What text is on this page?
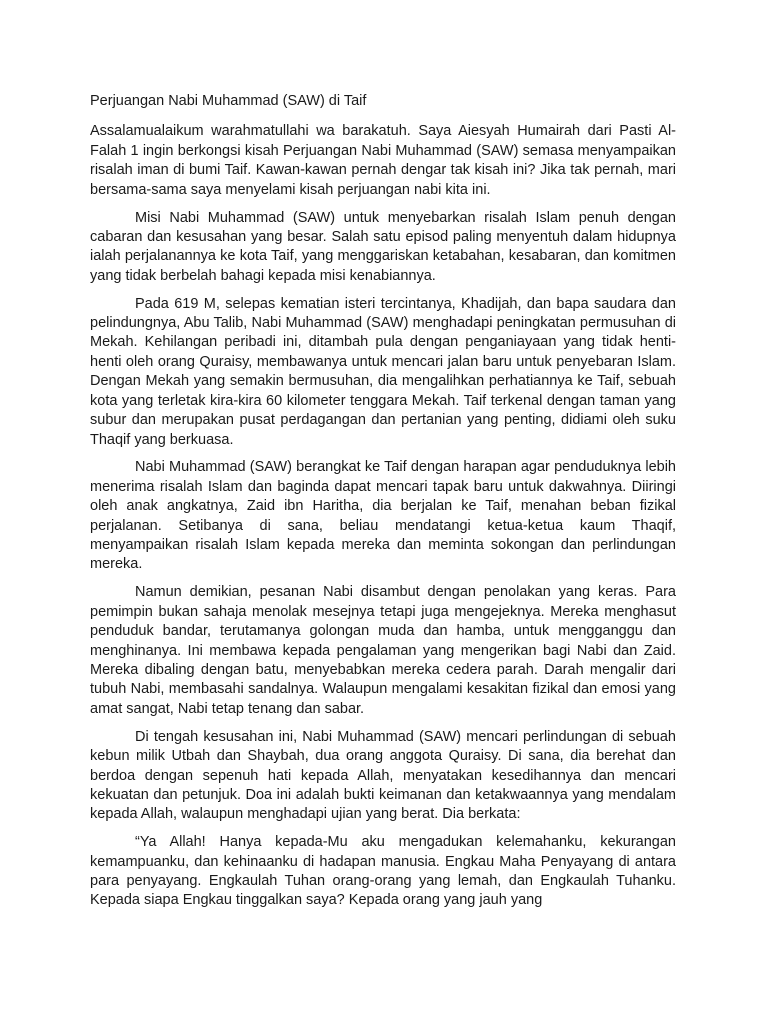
Perjuangan Nabi Muhammad (SAW) di Taif

Assalamualaikum warahmatullahi wa barakatuh. Saya Aiesyah Humairah dari Pasti Al-Falah 1 ingin berkongsi kisah Perjuangan Nabi Muhammad (SAW) semasa menyampaikan risalah iman di bumi Taif. Kawan-kawan pernah dengar tak kisah ini? Jika tak pernah, mari bersama-sama saya menyelami kisah perjuangan nabi kita ini.

Misi Nabi Muhammad (SAW) untuk menyebarkan risalah Islam penuh dengan cabaran dan kesusahan yang besar. Salah satu episod paling menyentuh dalam hidupnya ialah perjalanannya ke kota Taif, yang menggariskan ketabahan, kesabaran, dan komitmen yang tidak berbelah bahagi kepada misi kenabiannya.

Pada 619 M, selepas kematian isteri tercintanya, Khadijah, dan bapa saudara dan pelindungnya, Abu Talib, Nabi Muhammad (SAW) menghadapi peningkatan permusuhan di Mekah. Kehilangan peribadi ini, ditambah pula dengan penganiayaan yang tidak henti-henti oleh orang Quraisy, membawanya untuk mencari jalan baru untuk penyebaran Islam. Dengan Mekah yang semakin bermusuhan, dia mengalihkan perhatiannya ke Taif, sebuah kota yang terletak kira-kira 60 kilometer tenggara Mekah. Taif terkenal dengan taman yang subur dan merupakan pusat perdagangan dan pertanian yang penting, didiami oleh suku Thaqif yang berkuasa.

Nabi Muhammad (SAW) berangkat ke Taif dengan harapan agar penduduknya lebih menerima risalah Islam dan baginda dapat mencari tapak baru untuk dakwahnya. Diiringi oleh anak angkatnya, Zaid ibn Haritha, dia berjalan ke Taif, menahan beban fizikal perjalanan. Setibanya di sana, beliau mendatangi ketua-ketua kaum Thaqif, menyampaikan risalah Islam kepada mereka dan meminta sokongan dan perlindungan mereka.

Namun demikian, pesanan Nabi disambut dengan penolakan yang keras. Para pemimpin bukan sahaja menolak mesejnya tetapi juga mengejeknya. Mereka menghasut penduduk bandar, terutamanya golongan muda dan hamba, untuk mengganggu dan menghinanya. Ini membawa kepada pengalaman yang mengerikan bagi Nabi dan Zaid. Mereka dibaling dengan batu, menyebabkan mereka cedera parah. Darah mengalir dari tubuh Nabi, membasahi sandalnya. Walaupun mengalami kesakitan fizikal dan emosi yang amat sangat, Nabi tetap tenang dan sabar.

Di tengah kesusahan ini, Nabi Muhammad (SAW) mencari perlindungan di sebuah kebun milik Utbah dan Shaybah, dua orang anggota Quraisy. Di sana, dia berehat dan berdoa dengan sepenuh hati kepada Allah, menyatakan kesedihannya dan mencari kekuatan dan petunjuk. Doa ini adalah bukti keimanan dan ketakwaannya yang mendalam kepada Allah, walaupun menghadapi ujian yang berat. Dia berkata:

“Ya Allah! Hanya kepada-Mu aku mengadukan kelemahanku, kekurangan kemampuanku, dan kehinaanku di hadapan manusia. Engkau Maha Penyayang di antara para penyayang. Engkaulah Tuhan orang-orang yang lemah, dan Engkaulah Tuhanku. Kepada siapa Engkau tinggalkan saya? Kepada orang yang jauh yang
